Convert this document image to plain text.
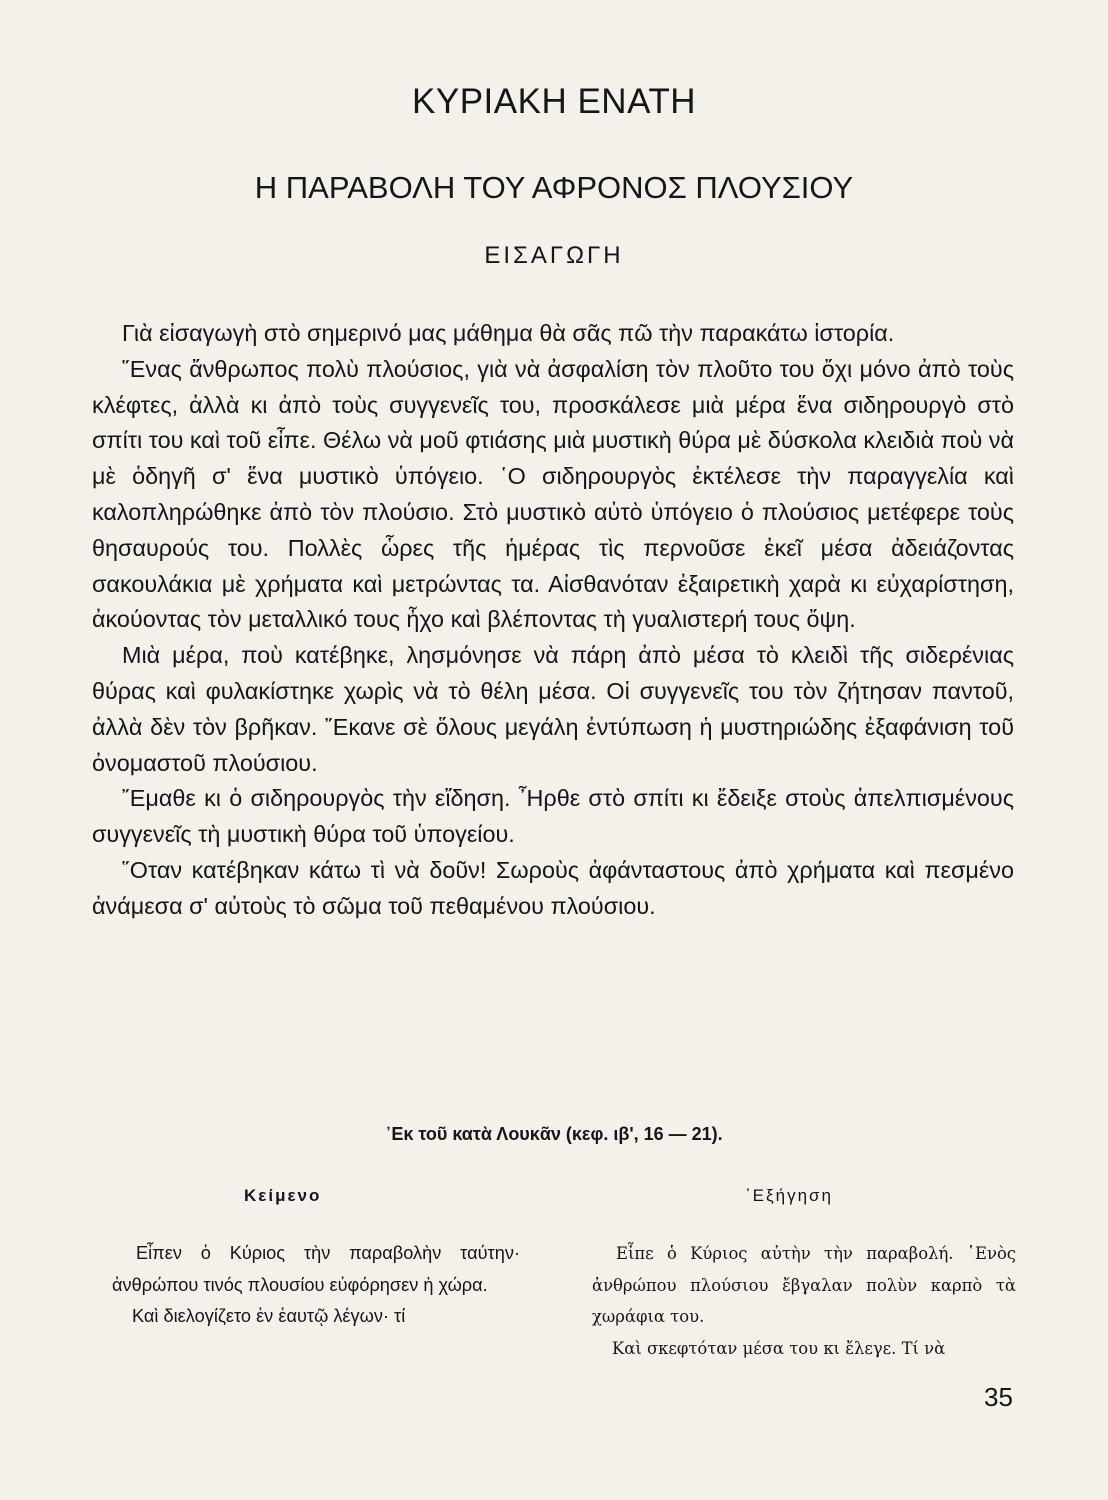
ΚΥΡΙΑΚΗ ΕΝΑΤΗ
Η ΠΑΡΑΒΟΛΗ ΤΟΥ ΑΦΡΟΝΟΣ ΠΛΟΥΣΙΟΥ
ΕΙΣΑΓΩΓΗ

Γιὰ εἰσαγωγὴ στὸ σημερινό μας μάθημα θὰ σᾶς πῶ τὴν παρακάτω ἱστορία.

῞Ενας ἄνθρωπος πολὺ πλούσιος, γιὰ νὰ ἀσφαλίση τὸν πλοῦτο του ὄχι μόνο ἀπὸ τοὺς κλέφτες, ἀλλὰ κι ἀπὸ τοὺς συγγενεῖς του, προσκάλεσε μιὰ μέρα ἕνα σιδηρουργὸ στὸ σπίτι του καὶ τοῦ εἶπε. Θέλω νὰ μοῦ φτιάσης μιὰ μυστικὴ θύρα μὲ δύσκολα κλειδιὰ ποὺ νὰ μὲ ὁδηγῆ σ' ἕνα μυστικὸ ὑπόγειο. ῾Ο σιδηρουργὸς ἐκτέλεσε τὴν παραγγελία καὶ καλοπληρώθηκε ἀπὸ τὸν πλούσιο. Στὸ μυστικὸ αὐτὸ ὑπόγειο ὁ πλούσιος μετέφερε τοὺς θησαυρούς του. Πολλὲς ὧρες τῆς ἡμέρας τὶς περνοῦσε ἐκεῖ μέσα ἀδειάζοντας σακουλάκια μὲ χρήματα καὶ μετρώντας τα. Αἰσθανόταν ἐξαιρετικὴ χαρὰ κι εὐχαρίστηση, ἀκούοντας τὸν μεταλλικό τους ἦχο καὶ βλέποντας τὴ γυαλιστερή τους ὄψη.

Μιὰ μέρα, ποὺ κατέβηκε, λησμόνησε νὰ πάρη ἀπὸ μέσα τὸ κλειδὶ τῆς σιδερένιας θύρας καὶ φυλακίστηκε χωρὶς νὰ τὸ θέλη μέσα. Οἱ συγγενεῖς του τὸν ζήτησαν παντοῦ, ἀλλὰ δὲν τὸν βρῆκαν. ῎Εκανε σὲ ὅλους μεγάλη ἐντύπωση ἡ μυστηριώδης ἐξαφάνιση τοῦ ὀνομαστοῦ πλούσιου.

῎Εμαθε κι ὁ σιδηρουργὸς τὴν εἴδηση. ῏Ηρθε στὸ σπίτι κι ἔδειξε στοὺς ἀπελπισμένους συγγενεῖς τὴ μυστικὴ θύρα τοῦ ὑπογείου.

῞Οταν κατέβηκαν κάτω τὶ νὰ δοῦν! Σωροὺς ἀφάνταστους ἀπὸ χρήματα καὶ πεσμένο ἀνάμεσα σ' αὐτοὺς τὸ σῶμα τοῦ πεθαμένου πλούσιου.

᾿Εκ τοῦ κατὰ Λουκᾶν (κεφ. ιβ', 16 — 21).
Κείμενο	᾿Εξήγηση

Εἶπεν ὁ Κύριος τὴν παραβολὴν ταύτην· ἀνθρώπου τινός πλουσίου εὐφόρησεν ἡ χώρα.

Καὶ διελογίζετο ἐν ἑαυτῷ λέγων· τί

Εἶπε ὁ Κύριος αὐτὴν τὴν παραβολή. ῾Ενὸς ἀνθρώπου πλούσιου ἔβγαλαν πολὺν καρπὸ τὰ χωράφια του.

Καὶ σκεφτόταν μέσα του κι ἔλεγε. Τί νὰ

35
